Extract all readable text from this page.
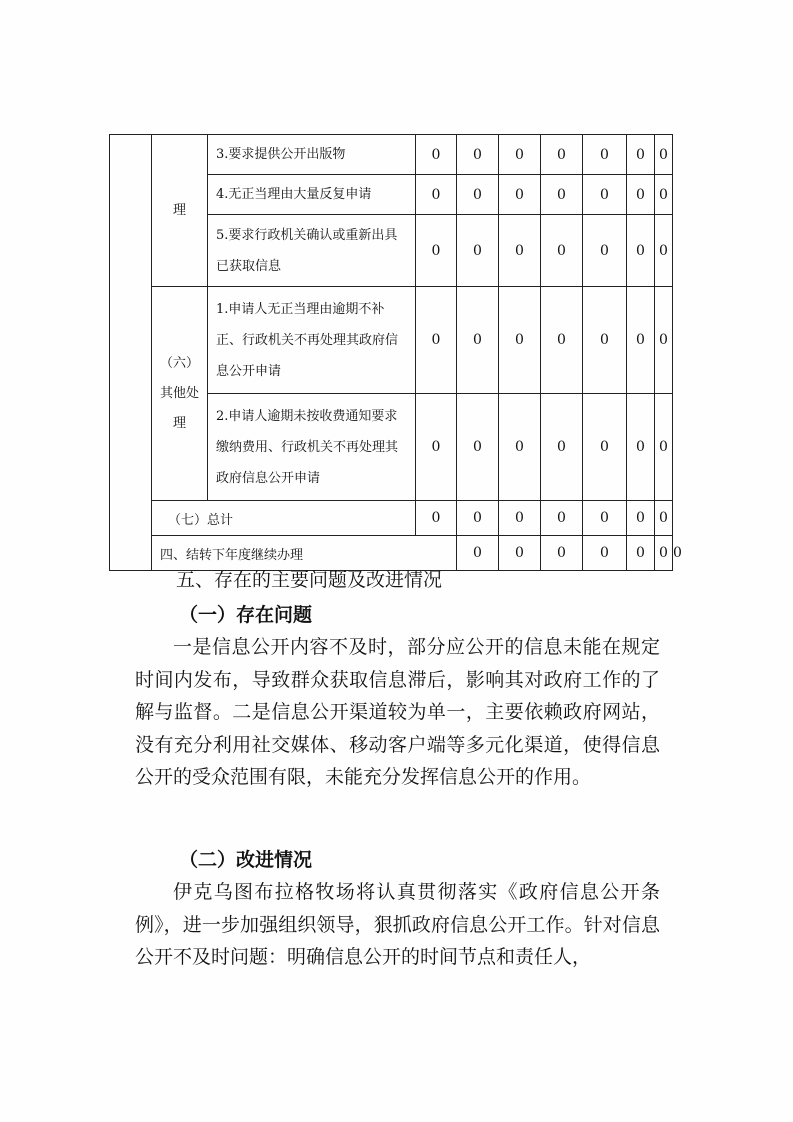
	理	3.要求提供公开出版物	0	0	0	0	0	0	0	
		4.无正当理由大量反复申请	0	0	0	0	0	0	0	
		5.要求行政机关确认或重新出具已获取信息	0	0	0	0	0	0	0	
	（六）其他处理	1.申请人无正当理由逾期不补正、行政机关不再处理其政府信息公开申请	0	0	0	0	0	0	0	
		2.申请人逾期未按收费通知要求缴纳费用、行政机关不再处理其政府信息公开申请	0	0	0	0	0	0	0	
	（七）总计		0	0	0	0	0	0	0	
	四、结转下年度继续办理			0	0	0	0	0	0	0
五、存在的主要问题及改进情况
（一）存在问题
一是信息公开内容不及时，部分应公开的信息未能在规定时间内发布，导致群众获取信息滞后，影响其对政府工作的了解与监督。二是信息公开渠道较为单一，主要依赖政府网站，没有充分利用社交媒体、移动客户端等多元化渠道，使得信息公开的受众范围有限，未能充分发挥信息公开的作用。
（二）改进情况
伊克乌图布拉格牧场将认真贯彻落实《政府信息公开条例》，进一步加强组织领导，狠抓政府信息公开工作。针对信息公开不及时问题：明确信息公开的时间节点和责任人，
